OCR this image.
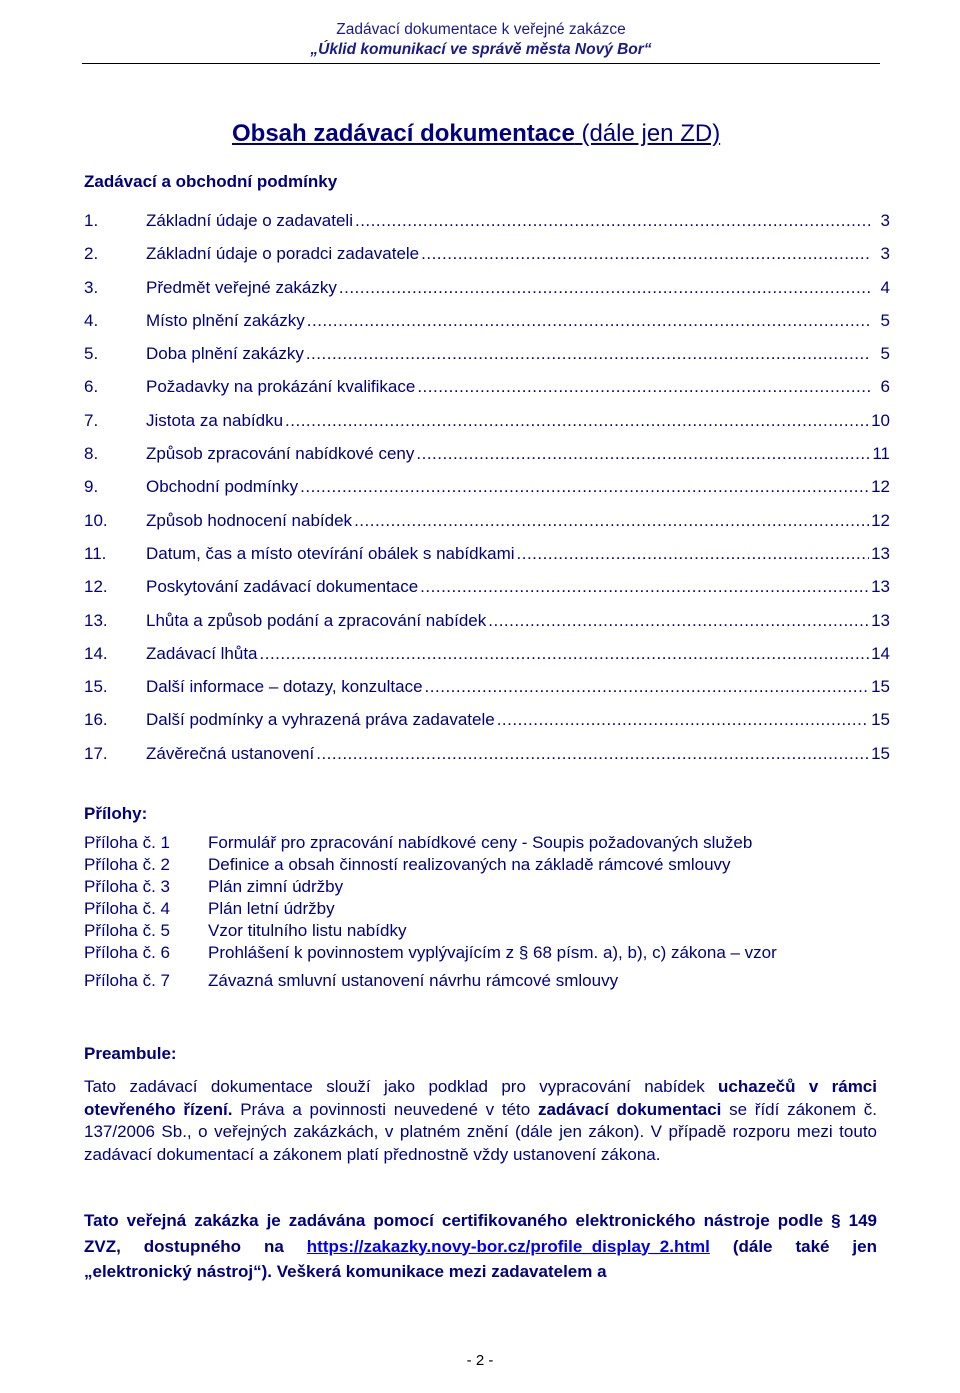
Zadávací dokumentace k veřejné zakázce
„Úklid komunikací ve správě města Nový Bor“
Obsah zadávací dokumentace (dále jen ZD)
Zadávací a obchodní podmínky
1.	Základní údaje o zadavateli .....	3
2.	Základní údaje o poradci zadavatele .....	3
3.	Předmět veřejné zakázky .....	4
4.	Místo plnění zakázky .....	5
5.	Doba plnění zakázky .....	5
6.	Požadavky na prokázání kvalifikace .....	6
7.	Jistota za nabídku .....	10
8.	Způsob zpracování nabídkové ceny .....	11
9.	Obchodní podmínky .....	12
10.	Způsob hodnocení nabídek .....	12
11.	Datum, čas a místo otevírání obálek s nabídkami .....	13
12.	Poskytování zadávací dokumentace .....	13
13.	Lhůta a způsob podání a zpracování nabídek .....	13
14.	Zadávací lhůta .....	14
15.	Další informace – dotazy, konzultace .....	15
16.	Další podmínky a vyhrazená práva zadavatele .....	15
17.	Závěrečná ustanovení .....	15
Přílohy:
Příloha č. 1	Formulář pro zpracování nabídkové ceny - Soupis požadovaných služeb
Příloha č. 2	Definice a obsah činností realizovaných na základě rámcové smlouvy
Příloha č. 3	Plán zimní údržby
Příloha č. 4	Plán letní údržby
Příloha č. 5	Vzor titulního listu nabídky
Příloha č. 6	Prohlášení k povinnostem vyplývajícím z § 68 písm. a), b), c) zákona – vzor
Příloha č. 7	Závazná smluvní ustanovení návrhu rámcové smlouvy
Preambule:
Tato zadávací dokumentace slouží jako podklad pro vypracování nabídek uchazečů v rámci otevřeného řízení. Práva a povinnosti neuvedené v této zadávací dokumentaci se řídí zákonem č. 137/2006 Sb., o veřejných zakázkách, v platném znění (dále jen zákon). V případě rozporu mezi touto zadávací dokumentací a zákonem platí přednostně vždy ustanovení zákona.
Tato veřejná zakázka je zadávána pomocí certifikovaného elektronického nástroje podle § 149 ZVZ, dostupného na https://zakazky.novy-bor.cz/profile_display_2.html (dále také jen „elektronický nástroj“). Veškerá komunikace mezi zadavatelem a
- 2 -
